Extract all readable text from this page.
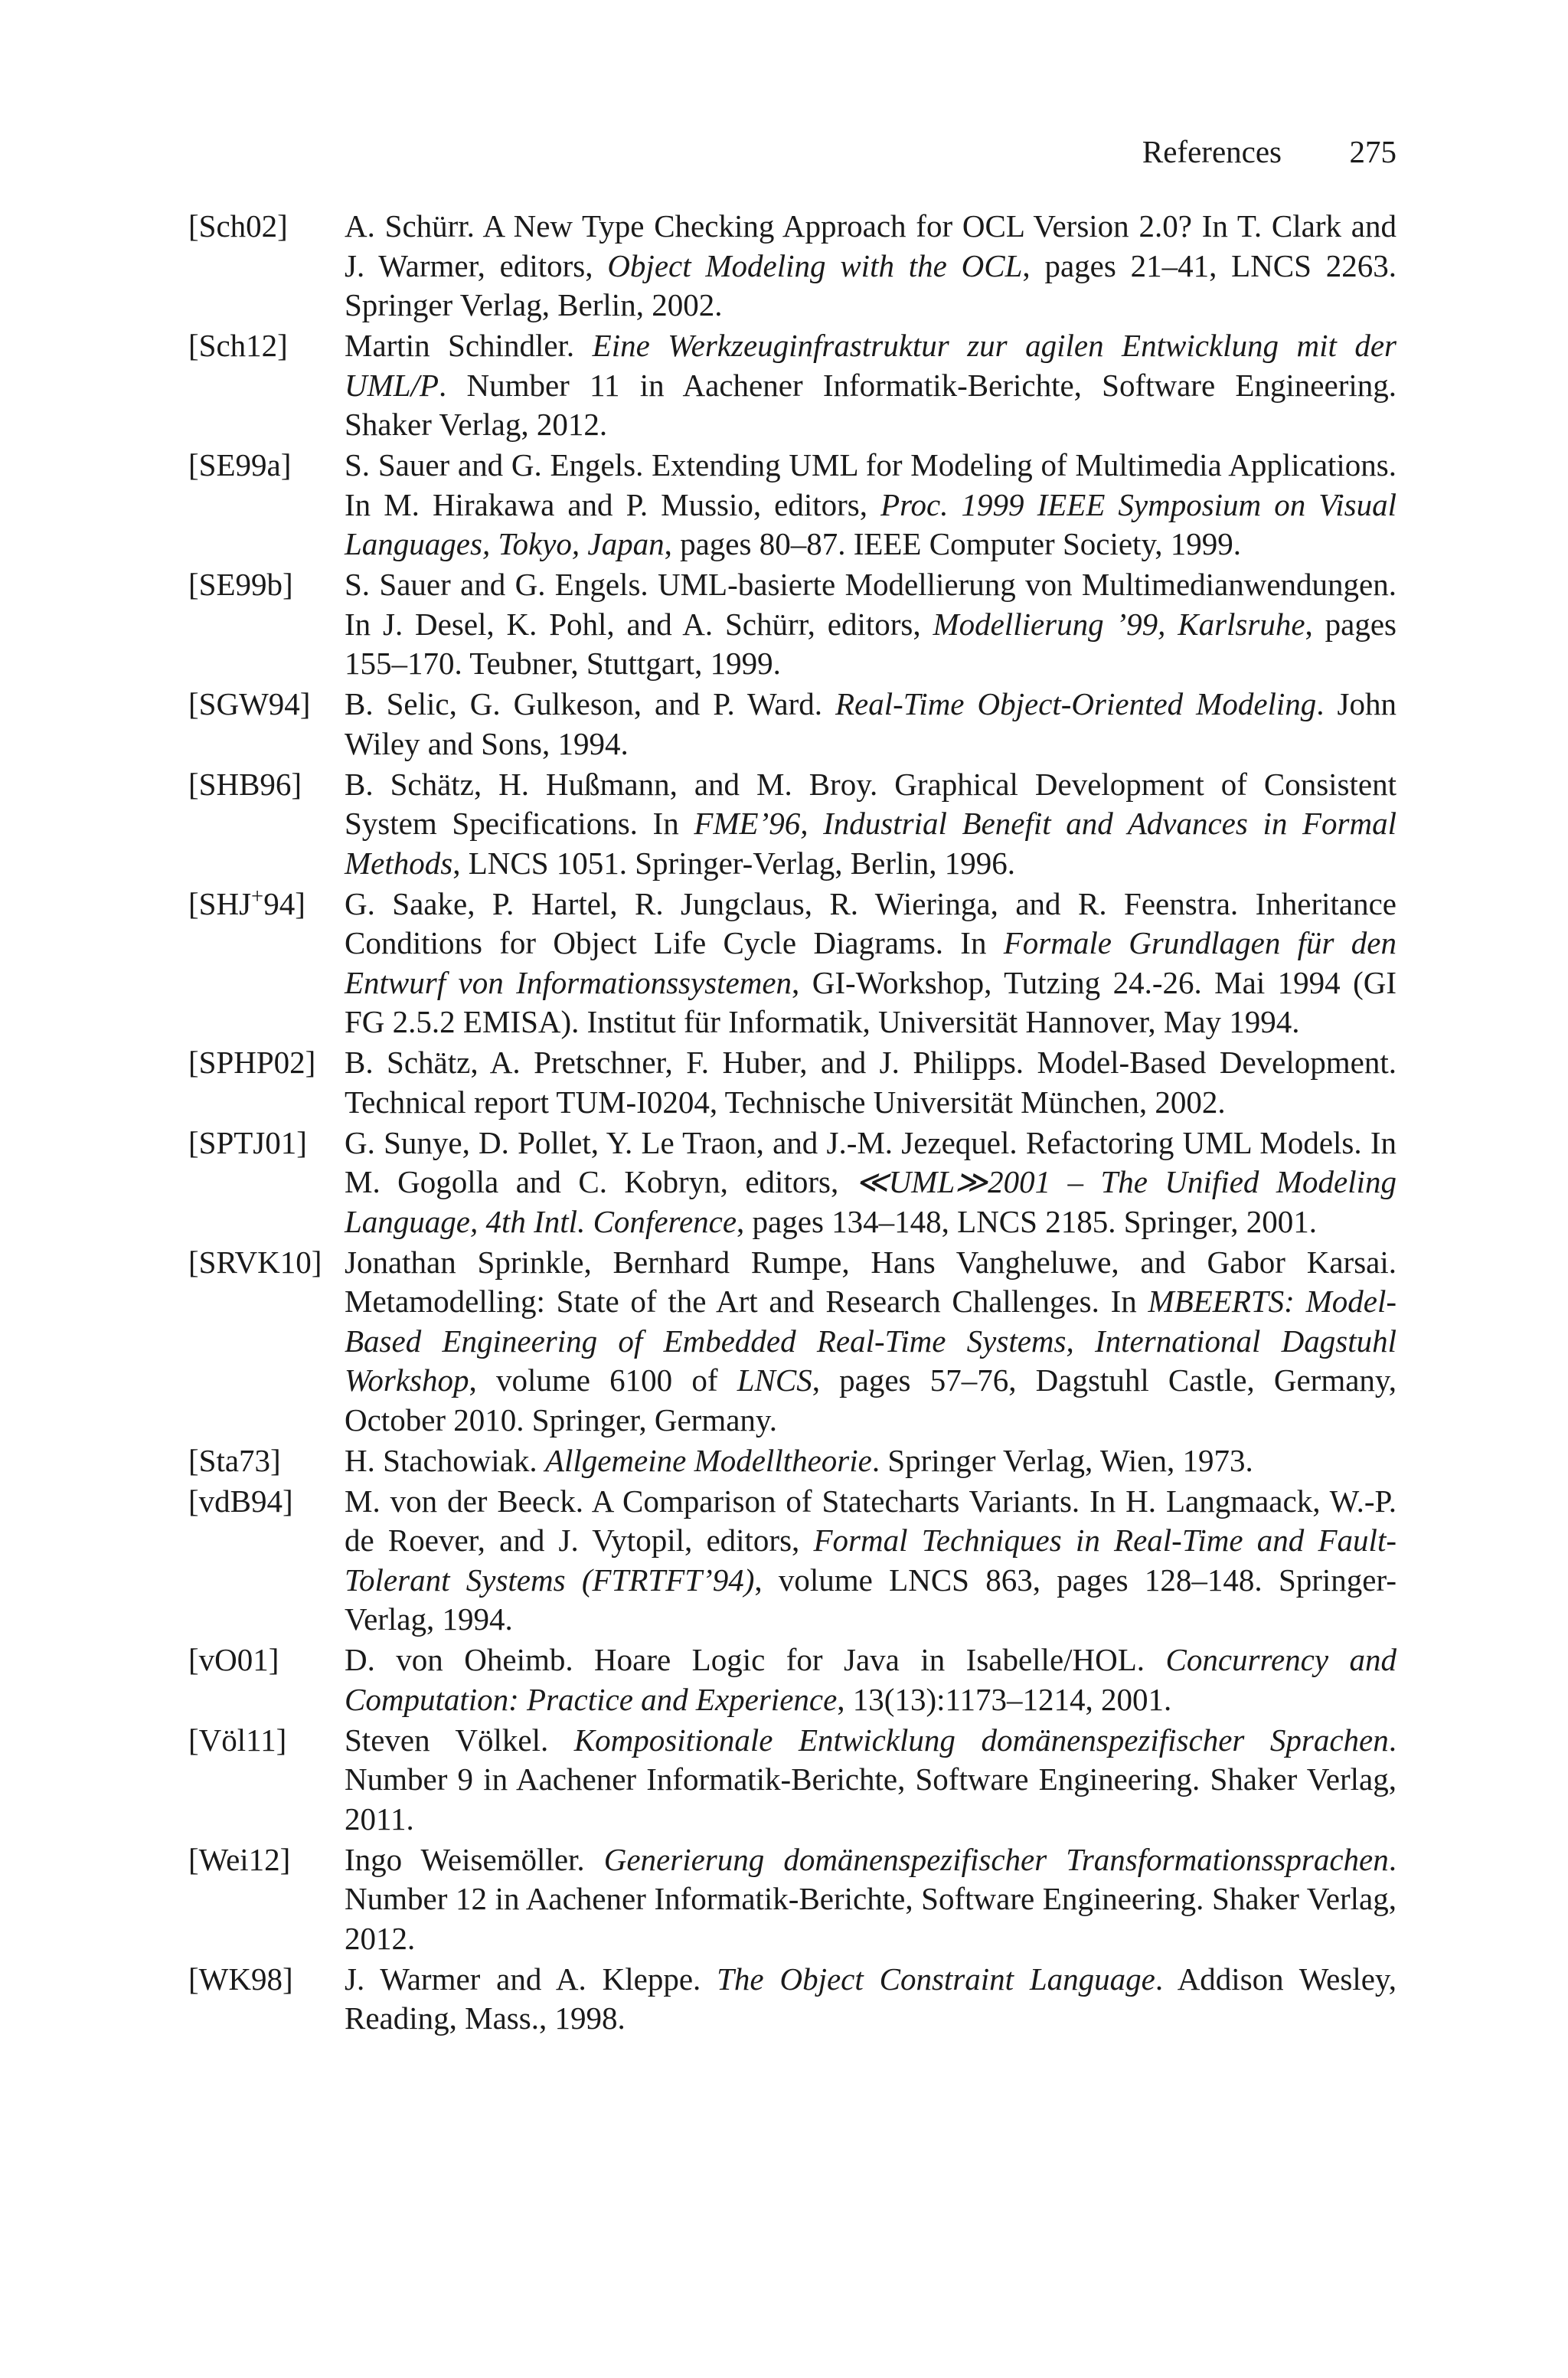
References 275
[Sch02] A. Schürr. A New Type Checking Approach for OCL Version 2.0? In T. Clark and J. Warmer, editors, Object Modeling with the OCL, pages 21–41, LNCS 2263. Springer Verlag, Berlin, 2002.
[Sch12] Martin Schindler. Eine Werkzeuginfrastruktur zur agilen Entwicklung mit der UML/P. Number 11 in Aachener Informatik-Berichte, Software Engineering. Shaker Verlag, 2012.
[SE99a] S. Sauer and G. Engels. Extending UML for Modeling of Multimedia Applications. In M. Hirakawa and P. Mussio, editors, Proc. 1999 IEEE Symposium on Visual Languages, Tokyo, Japan, pages 80–87. IEEE Computer Society, 1999.
[SE99b] S. Sauer and G. Engels. UML-basierte Modellierung von Multimedianwendungen. In J. Desel, K. Pohl, and A. Schürr, editors, Modellierung ’99, Karlsruhe, pages 155–170. Teubner, Stuttgart, 1999.
[SGW94] B. Selic, G. Gulkeson, and P. Ward. Real-Time Object-Oriented Modeling. John Wiley and Sons, 1994.
[SHB96] B. Schätz, H. Hußmann, and M. Broy. Graphical Development of Consistent System Specifications. In FME’96, Industrial Benefit and Advances in Formal Methods, LNCS 1051. Springer-Verlag, Berlin, 1996.
[SHJ+94] G. Saake, P. Hartel, R. Jungclaus, R. Wieringa, and R. Feenstra. Inheritance Conditions for Object Life Cycle Diagrams. In Formale Grundlagen für den Entwurf von Informationssystemen, GI-Workshop, Tutzing 24.-26. Mai 1994 (GI FG 2.5.2 EMISA). Institut für Informatik, Universität Hannover, May 1994.
[SPHP02] B. Schätz, A. Pretschner, F. Huber, and J. Philipps. Model-Based Development. Technical report TUM-I0204, Technische Universität München, 2002.
[SPTJ01] G. Sunye, D. Pollet, Y. Le Traon, and J.-M. Jezequel. Refactoring UML Models. In M. Gogolla and C. Kobryn, editors, ≪UML≫2001 – The Unified Modeling Language, 4th Intl. Conference, pages 134–148, LNCS 2185. Springer, 2001.
[SRVK10] Jonathan Sprinkle, Bernhard Rumpe, Hans Vangheluwe, and Gabor Karsai. Metamodelling: State of the Art and Research Challenges. In MBEERTS: Model-Based Engineering of Embedded Real-Time Systems, International Dagstuhl Workshop, volume 6100 of LNCS, pages 57–76, Dagstuhl Castle, Germany, October 2010. Springer, Germany.
[Sta73] H. Stachowiak. Allgemeine Modelltheorie. Springer Verlag, Wien, 1973.
[vdB94] M. von der Beeck. A Comparison of Statecharts Variants. In H. Langmaack, W.-P. de Roever, and J. Vytopil, editors, Formal Techniques in Real-Time and Fault-Tolerant Systems (FTRTFT’94), volume LNCS 863, pages 128–148. Springer-Verlag, 1994.
[vO01] D. von Oheimb. Hoare Logic for Java in Isabelle/HOL. Concurrency and Computation: Practice and Experience, 13(13):1173–1214, 2001.
[Völ11] Steven Völkel. Kompositionale Entwicklung domänenspezifischer Sprachen. Number 9 in Aachener Informatik-Berichte, Software Engineering. Shaker Verlag, 2011.
[Wei12] Ingo Weisemöller. Generierung domänenspezifischer Transformationssprachen. Number 12 in Aachener Informatik-Berichte, Software Engineering. Shaker Verlag, 2012.
[WK98] J. Warmer and A. Kleppe. The Object Constraint Language. Addison Wesley, Reading, Mass., 1998.
